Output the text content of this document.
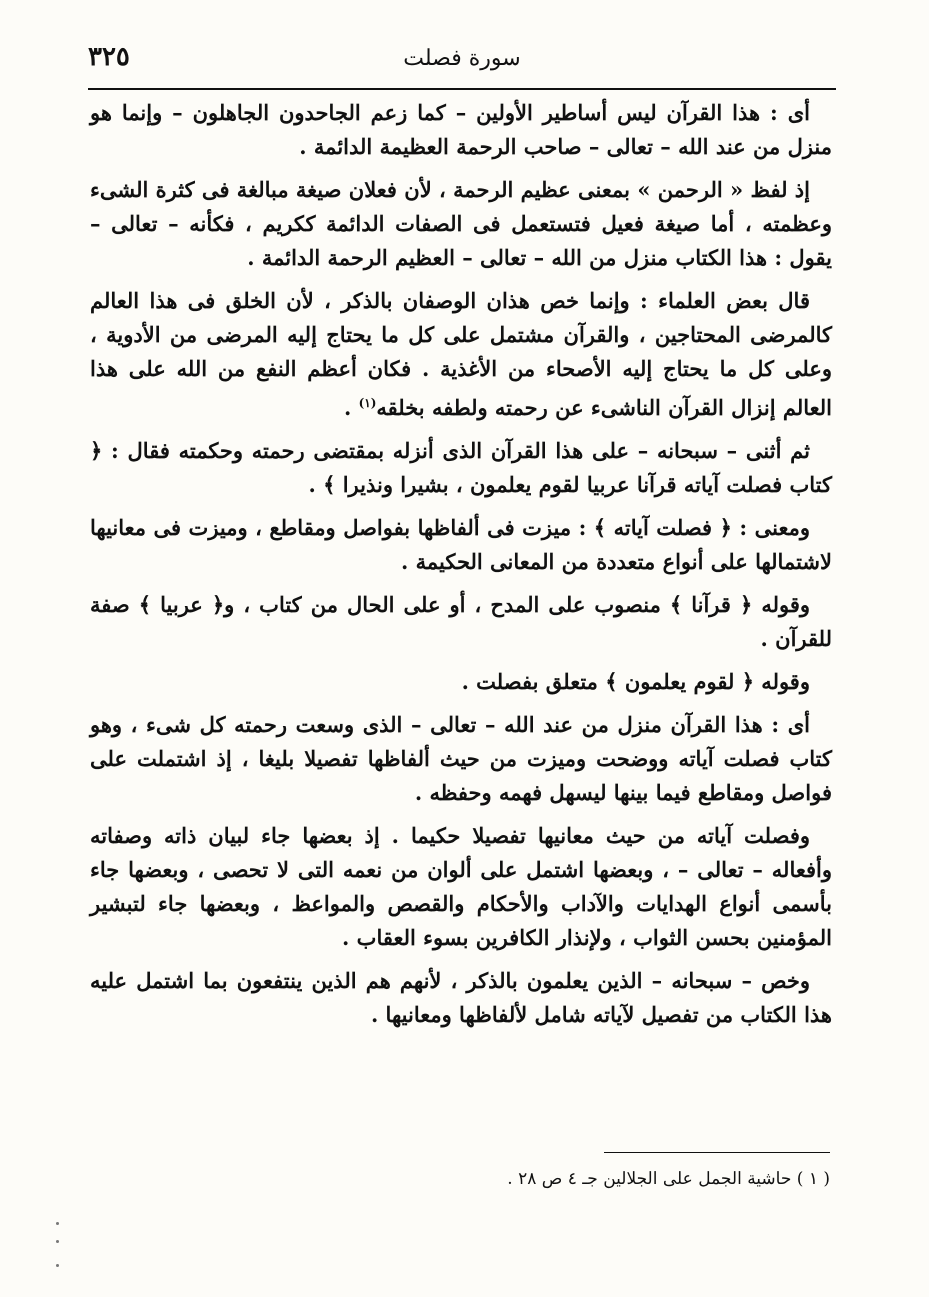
٣٢٥	سورة فصلت

أى : هذا القرآن ليس أساطير الأولين – كما زعم الجاحدون الجاهلون – وإنما هو منزل من عند الله – تعالى – صاحب الرحمة العظيمة الدائمة .

إذ لفظ « الرحمن » بمعنى عظيم الرحمة ، لأن فعلان صيغة مبالغة فى كثرة الشىء وعظمته ، أما صيغة فعيل فتستعمل فى الصفات الدائمة ككريم ، فكأنه – تعالى – يقول : هذا الكتاب منزل من الله – تعالى – العظيم الرحمة الدائمة .

قال بعض العلماء : وإنما خص هذان الوصفان بالذكر ، لأن الخلق فى هذا العالم كالمرضى المحتاجين ، والقرآن مشتمل على كل ما يحتاج إليه المرضى من الأدوية ، وعلى كل ما يحتاج إليه الأصحاء من الأغذية . فكان أعظم النفع من الله على هذا العالم إنزال القرآن الناشىء عن رحمته ولطفه بخلقه$^{(١)}$ .

ثم أثنى – سبحانه – على هذا القرآن الذى أنزله بمقتضى رحمته وحكمته فقال : ﴿ كتاب فصلت آياته قرآنا عربيا لقوم يعلمون ، بشيرا ونذيرا ﴾ .

ومعنى : ﴿ فصلت آياته ﴾ : ميزت فى ألفاظها بفواصل ومقاطع ، وميزت فى معانيها لاشتمالها على أنواع متعددة من المعانى الحكيمة .

وقوله ﴿ قرآنا ﴾ منصوب على المدح ، أو على الحال من كتاب ، و﴿ عربيا ﴾ صفة للقرآن .

وقوله ﴿ لقوم يعلمون ﴾ متعلق بفصلت .

أى : هذا القرآن منزل من عند الله – تعالى – الذى وسعت رحمته كل شىء ، وهو كتاب فصلت آياته ووضحت وميزت من حيث ألفاظها تفصيلا بليغا ، إذ اشتملت على فواصل ومقاطع فيما بينها ليسهل فهمه وحفظه .

وفصلت آياته من حيث معانيها تفصيلا حكيما . إذ بعضها جاء لبيان ذاته وصفاته وأفعاله – تعالى – ، وبعضها اشتمل على ألوان من نعمه التى لا تحصى ، وبعضها جاء بأسمى أنواع الهدايات والآداب والأحكام والقصص والمواعظ ، وبعضها جاء لتبشير المؤمنين بحسن الثواب ، ولإنذار الكافرين بسوء العقاب .

وخص – سبحانه – الذين يعلمون بالذكر ، لأنهم هم الذين ينتفعون بما اشتمل عليه هذا الكتاب من تفصيل لآياته شامل لألفاظها ومعانيها .

( ١ ) حاشية الجمل على الجلالين جـ ٤ ص ٢٨ .
